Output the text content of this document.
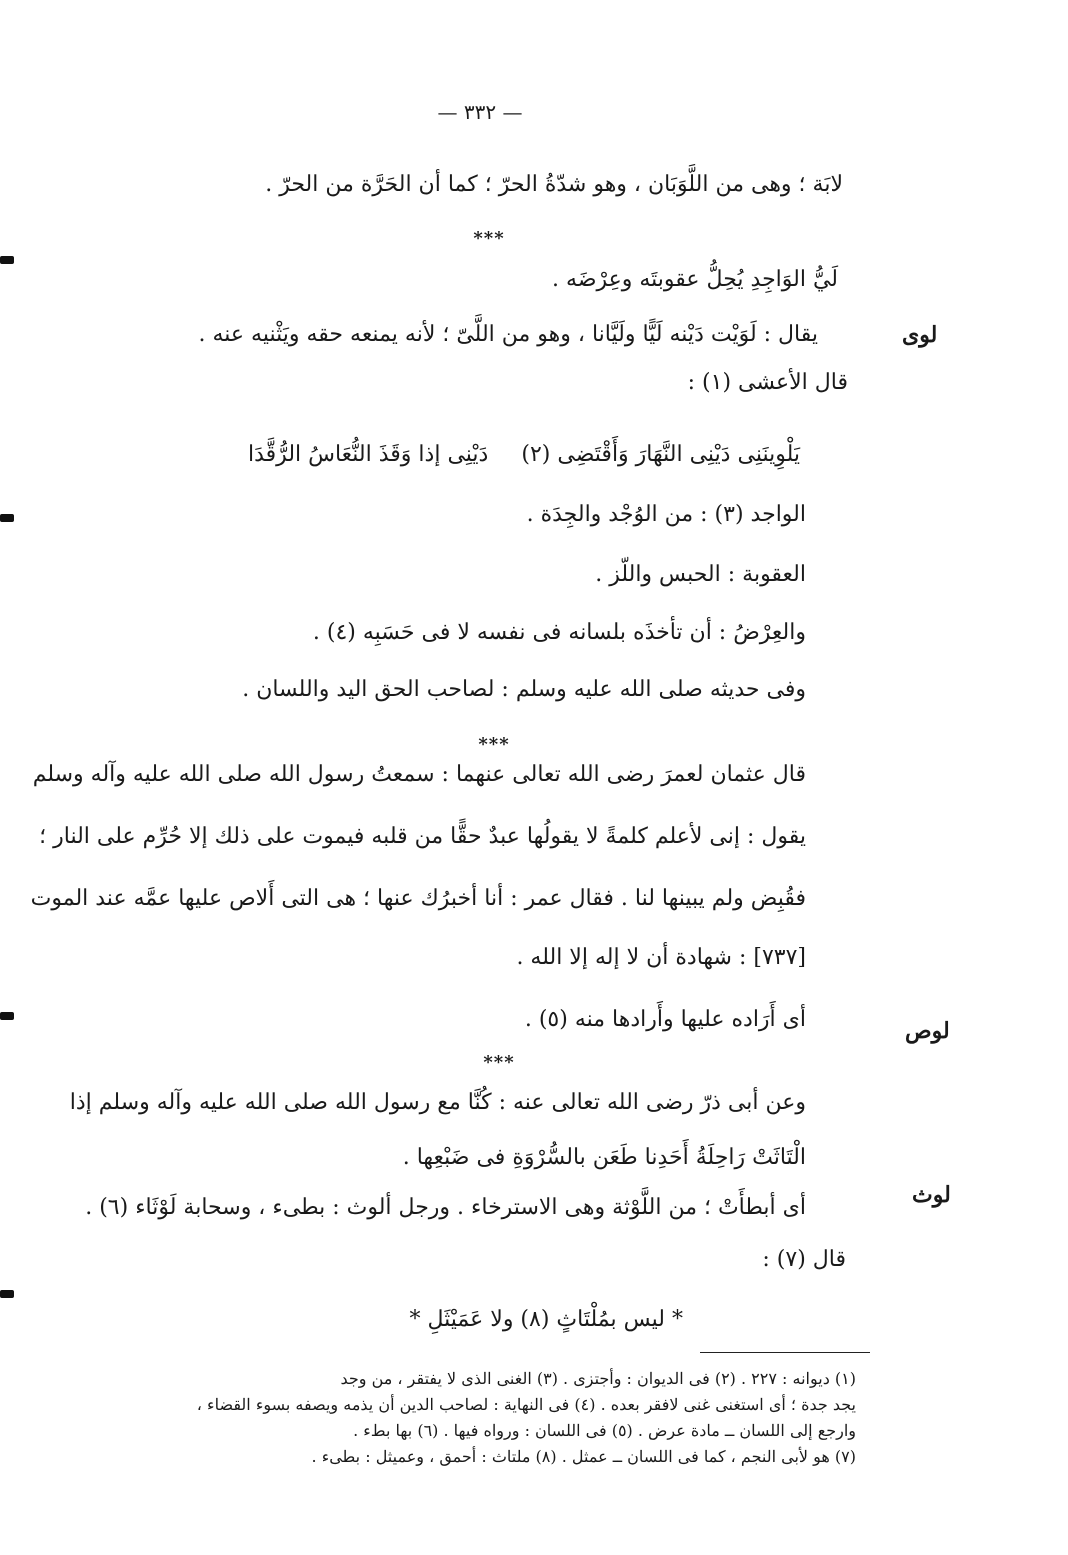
— ٣٣٢ —
لابَة ؛ وهى من اللَّوَبَان ، وهو شدّةُ الحرّ ؛ كما أن الحَرَّة من الحرّ .
***
لَيُّ الوَاجِدِ يُحِلُّ عقوبتَه وعِرْضَه .
لوى
يقال : لَوَيْت دَيْنه لَيًّا ولَيَّانا ، وهو من اللَّىّ ؛ لأنه يمنعه حقه ويَثْنيه عنه .
قال الأعشى (١) :
يَلْوِينَنِى دَيْنِى النَّهَارَ وَأَقْتَضِى (٢)
دَيْنِى إذا وَقَذَ النُّعَاسُ الرُّقَّدَا
الواجد (٣) : من الوُجْد والجِدَة .
العقوبة : الحبس واللّز .
والعِرْضُ : أن تأخذَه بلسانه فى نفسه لا فى حَسَبِه (٤) .
وفى حديثه صلى الله عليه وسلم : لصاحب الحق اليد واللسان .
***
قال عثمان لعمرَ رضى الله تعالى عنهما : سمعتُ رسول الله صلى الله عليه وآله وسلم
يقول : إنى لأعلم كلمةً لا يقولُها عبدٌ حقًّا من قلبه فيموت على ذلك إلا حُرِّم على النار ؛
فقُبِض ولم يبينها لنا . فقال عمر : أنا أخبرُك عنها ؛ هى التى أَلاص عليها عمَّه عند الموت
[٧٣٧] : شهادة أن لا إله إلا الله .
لوص
أى أَرَاده عليها وأَرادها منه (٥) .
***
وعن أبى ذرّ رضى الله تعالى عنه : كُنَّا مع رسول الله صلى الله عليه وآله وسلم إذا
الْتَاثَتْ رَاحِلَةُ أَحَدِنا طَعَن بالسُّرْوَةِ فى ضَبْعِها .
لوث
أى أبطأَتْ ؛ من اللَّوْثة وهى الاسترخاء . ورجل ألوث : بطىء ، وسحابة لَوْثَاء (٦) .
قال (٧) :
* ليس بمُلْتَاثٍ (٨) ولا عَمَيْثَلِ *
(١) ديوانه : ٢٢٧ . (٢) فى الديوان : وأجتزى . (٣) الغنى الذى لا يفتقر ، من وجد
يجد جدة ؛ أى استغنى غنى لافقر بعده . (٤) فى النهاية : لصاحب الدين أن يذمه ويصفه بسوء القضاء ،
وارجع إلى اللسان ــ مادة عرض . (٥) فى اللسان : ورواه فيها . (٦) بها بطء .
(٧) هو لأبى النجم ، كما فى اللسان ــ عمثل . (٨) ملتاث : أحمق ، وعميثل : بطىء .
